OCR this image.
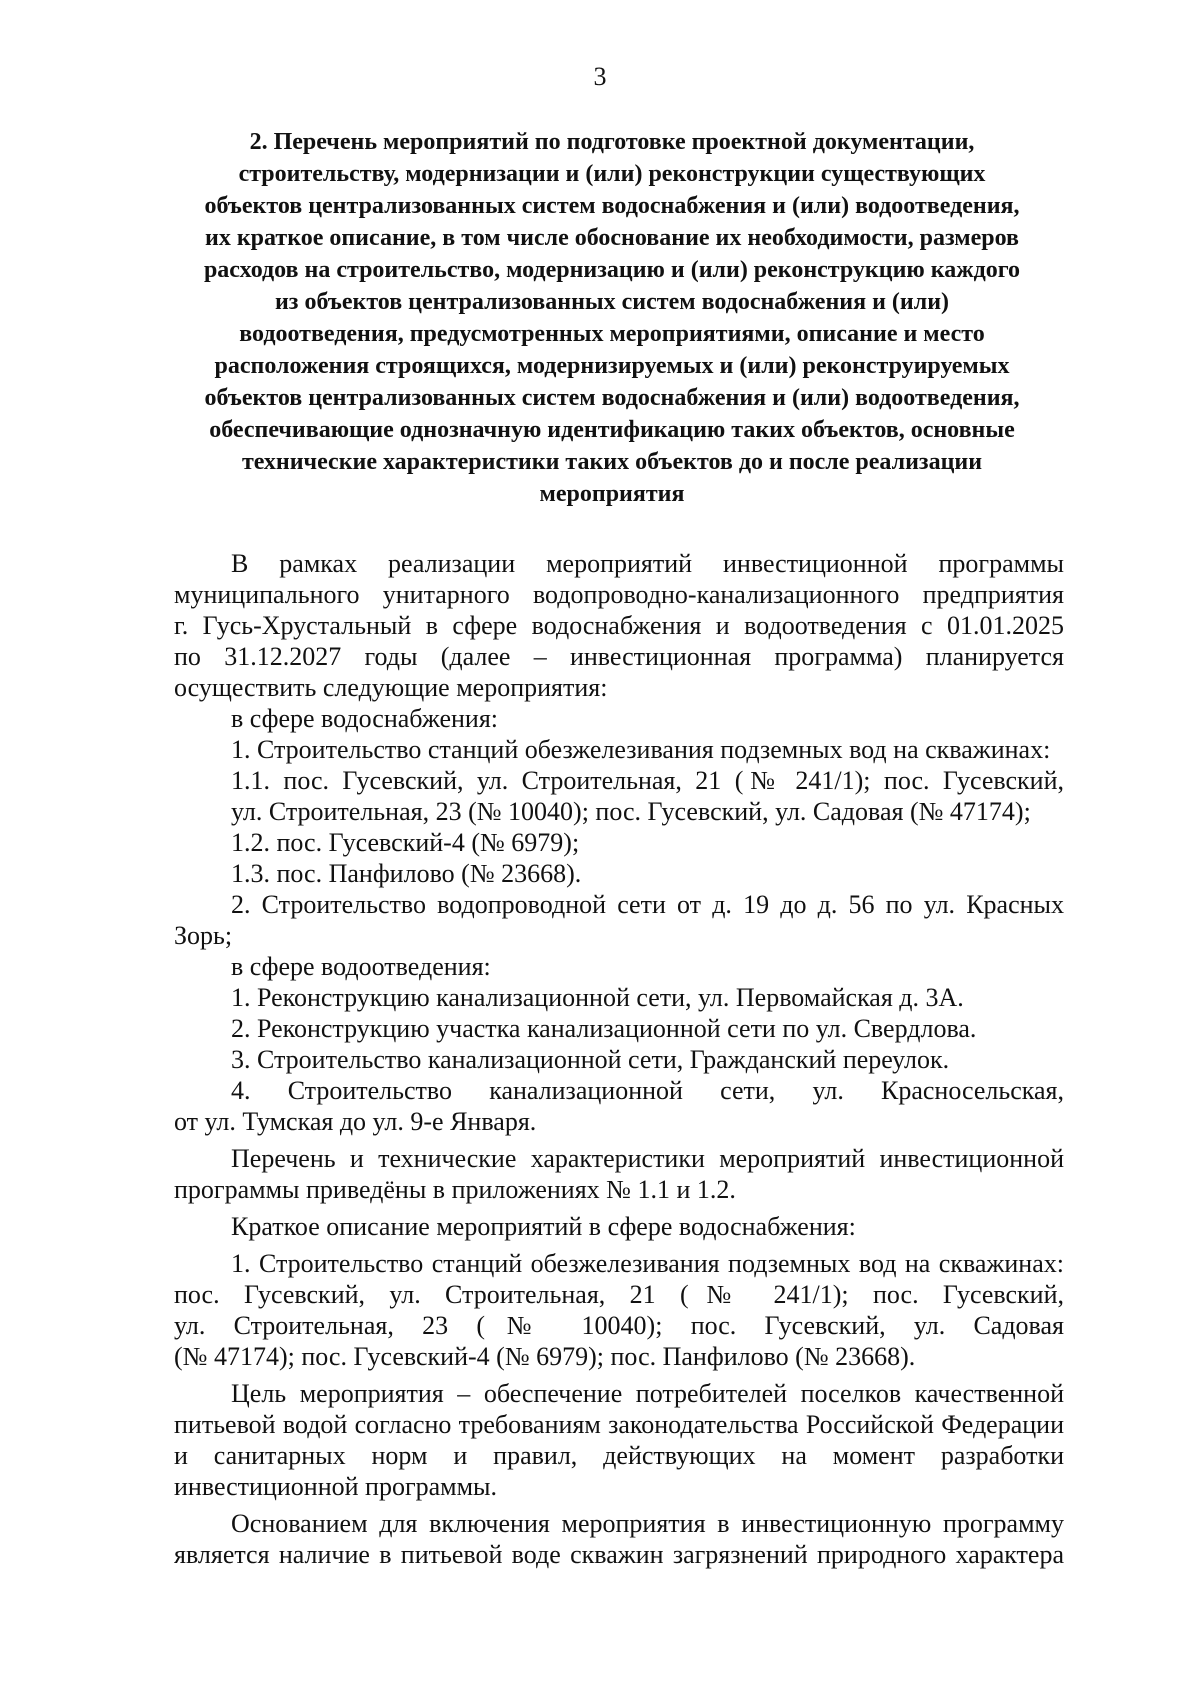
3
2. Перечень мероприятий по подготовке проектной документации,
строительству, модернизации и (или) реконструкции существующих
объектов централизованных систем водоснабжения и (или) водоотведения,
их краткое описание, в том числе обоснование их необходимости, размеров
расходов на строительство, модернизацию и (или) реконструкцию каждого
из объектов централизованных систем водоснабжения и (или)
водоотведения, предусмотренных мероприятиями, описание и место
расположения строящихся, модернизируемых и (или) реконструируемых
объектов централизованных систем водоснабжения и (или) водоотведения,
обеспечивающие однозначную идентификацию таких объектов, основные
технические характеристики таких объектов до и после реализации
мероприятия

В рамках реализации мероприятий инвестиционной программы
муниципального унитарного водопроводно-канализационного предприятия
г. Гусь-Хрустальный в сфере водоснабжения и водоотведения с 01.01.2025
по 31.12.2027 годы (далее – инвестиционная программа) планируется
осуществить следующие мероприятия:

в сфере водоснабжения:

1. Строительство станций обезжелезивания подземных вод на скважинах:

1.1. пос. Гусевский, ул. Строительная, 21 (№ 241/1); пос. Гусевский,
ул. Строительная, 23 (№ 10040); пос. Гусевский, ул. Садовая (№ 47174);

1.2. пос. Гусевский-4 (№ 6979);

1.3. пос. Панфилово (№ 23668).

2. Строительство водопроводной сети от д. 19 до д. 56 по ул. Красных
Зорь;

в сфере водоотведения:

1. Реконструкцию канализационной сети, ул. Первомайская д. 3А.

2. Реконструкцию участка канализационной сети по ул. Свердлова.

3. Строительство канализационной сети, Гражданский переулок.

4. Строительство канализационной сети, ул. Красносельская,
от ул. Тумская до ул. 9-е Января.

Перечень и технические характеристики мероприятий инвестиционной
программы приведёны в приложениях № 1.1 и 1.2.

Краткое описание мероприятий в сфере водоснабжения:

1. Строительство станций обезжелезивания подземных вод на скважинах:
пос. Гусевский, ул. Строительная, 21 (№ 241/1); пос. Гусевский,
ул. Строительная, 23 (№ 10040); пос. Гусевский, ул. Садовая
(№ 47174); пос. Гусевский-4 (№ 6979); пос. Панфилово (№ 23668).

Цель мероприятия – обеспечение потребителей поселков качественной
питьевой водой согласно требованиям законодательства Российской Федерации
и санитарных норм и правил, действующих на момент разработки
инвестиционной программы.

Основанием для включения мероприятия в инвестиционную программу
является наличие в питьевой воде скважин загрязнений природного характера
